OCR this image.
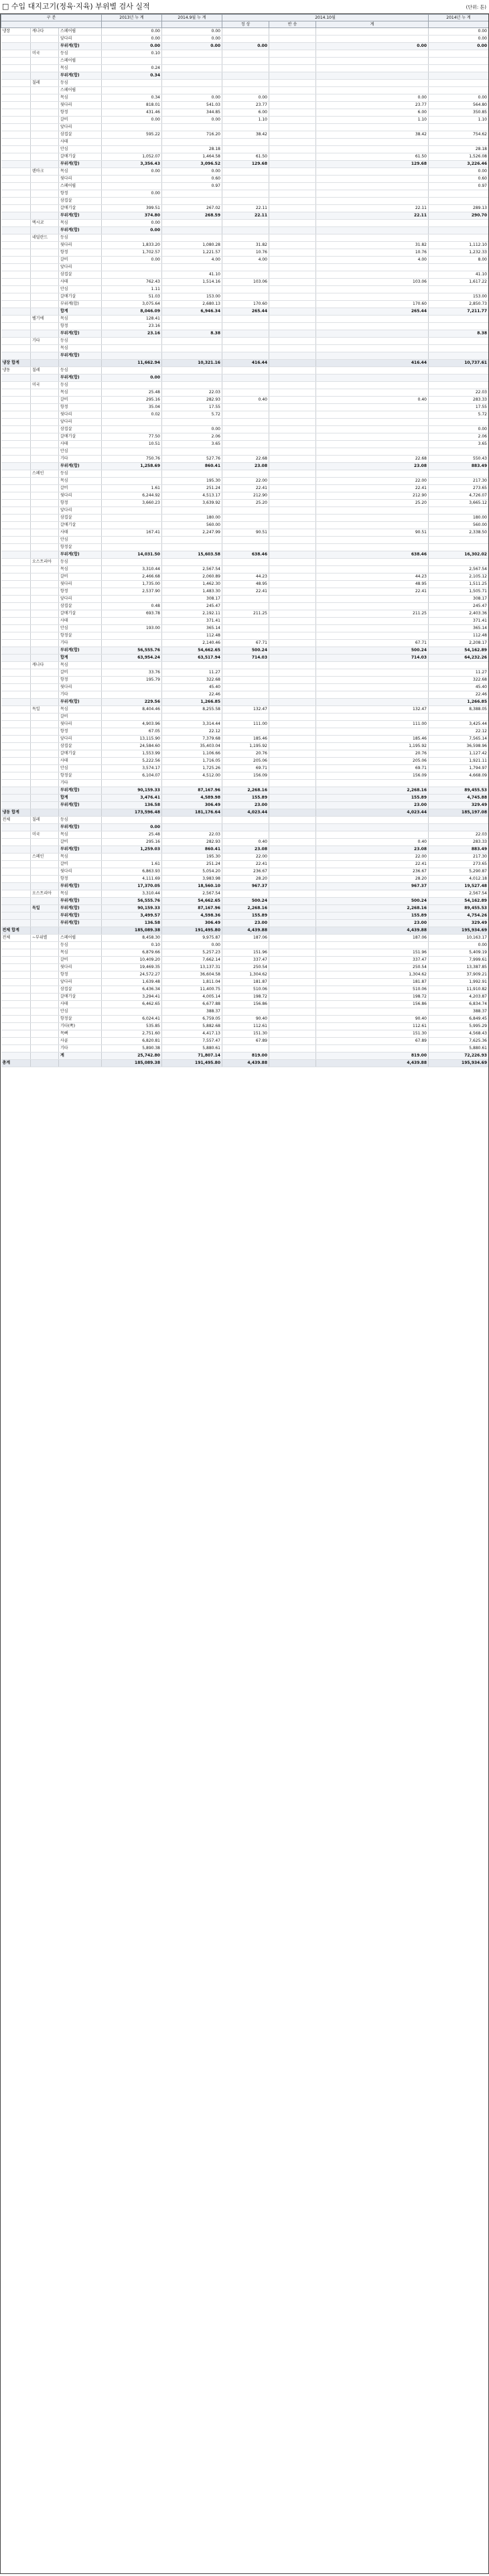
□ 수입 대지고기(정육·지육) 부위별 검사 실적	(단위: 톤)
구 분			2013년 누 계	2014.9월 누 계	2014.10월			2014년 누 계
					정 상	반 송	계	
냉장	캐나다	스페어립	0.00	0.00				0.00
		앞다리	0.00	0.00				0.00
		부위계(합)	0.00	0.00	0.00		0.00	0.00
	미국	등심	0.10					
		스페어립						
		목심	0.24					
		부위계(합)	0.34					
	칠레	등심						
		스페어립						
		목심	0.34	0.00	0.00		0.00	0.00
		뒷다리	818.01	541.03	23.77		23.77	564.80
		항정	431.46	344.85	6.00		6.00	350.85
		갈비	0.00	0.00	1.10		1.10	1.10
		앞다리						
		삼겹살	595.22	716.20	38.42		38.42	754.62
		사태						
		안심		28.18				28.18
		갈매기살	1,052.07	1,464.58	61.50		61.50	1,526.08
		부위계(합)	3,356.43	3,096.52	129.68		129.68	3,226.46
	덴마크	목심	0.00	0.00				0.00
		뒷다리		0.60				0.60
		스페어립		0.97				0.97
		항정	0.00					
		삼겹살						
		갈매기살	399.51	267.02	22.11		22.11	289.13
		부위계(합)	374.80	268.59	22.11		22.11	290.70
	멕시코	목심	0.00					
		부위계(합)	0.00					
	네덜란드	등심						
		뒷다리	1,833.20	1,080.28	31.82		31.82	1,112.10
		항정	1,702.57	1,221.57	10.76		10.76	1,232.33
		갈비	0.00	4.00	4.00		4.00	8.00
		앞다리						
		삼겹살		41.10				41.10
		사태	762.43	1,514.16	103.06		103.06	1,617.22
		안심	1.11					
		갈매기살	51.03	153.00				153.00
		부위계(합)	3,075.64	2,680.13	170.60		170.60	2,850.73
		합계	8,046.09	6,946.34	265.44		265.44	7,211.77
	벨기에	목심	128.41					
		항정	23.16					
		부위계(합)	23.16	8.38				8.38
	기타	등심						
		목심						
		부위계(합)						
냉장 합계			11,662.94	10,321.16	416.44		416.44	10,737.61
냉동	칠레	등심						
		부위계(합)	0.00					
	미국	등심						
		목심	25.48	22.03				22.03
		갈비	295.16	282.93	0.40		0.40	283.33
		항정	35.04	17.55				17.55
		뒷다리	0.02	5.72				5.72
		앞다리						
		삼겹살		0.00				0.00
		갈매기살	77.50	2.06				2.06
		사태	10.51	3.65				3.65
		안심						
		기타	750.76	527.76	22.68		22.68	550.43
		부위계(합)	1,258.69	860.41	23.08		23.08	883.49
	스페인	등심						
		목심		195.30	22.00		22.00	217.30
		갈비	1.61	251.24	22.41		22.41	273.65
		뒷다리	6,244.92	4,513.17	212.90		212.90	4,726.07
		항정	3,660.23	3,639.92	25.20		25.20	3,665.12
		앞다리						
		삼겹살		180.00				180.00
		갈매기살		560.00				560.00
		사태	167.41	2,247.99	90.51		90.51	2,338.50
		안심						
		항정살						
		부위계(합)	14,031.50	15,603.58	638.46		638.46	16,302.02
	오스트리아	등심						
		목심	3,310.44	2,567.54				2,567.54
		갈비	2,466.68	2,060.89	44.23		44.23	2,105.12
		뒷다리	1,735.00	1,462.30	48.95		48.95	1,511.25
		항정	2,537.90	1,483.30	22.41		22.41	1,505.71
		앞다리		308.17				308.17
		삼겹살	0.48	245.47				245.47
		갈매기살	693.78	2,192.11	211.25		211.25	2,403.36
		사태		371.41				371.41
		안심	193.00	365.14				365.14
		항정살		112.48				112.48
		기타		2,140.46	67.71		67.71	2,208.17
		부위계(합)	56,555.76	54,662.65	500.24		500.24	54,162.89
		합계	63,954.24	63,517.94	714.03		714.03	64,232.26
	캐나다	목심						
		갈비	33.76	11.27				11.27
		항정	195.79	322.68				322.68
		뒷다리		45.40				45.40
		기타		22.46				22.46
		부위계(합)	229.56	1,266.85				1,266.85
	독일	목심	8,404.46	8,255.58	132.47		132.47	8,388.05
		갈비						
		뒷다리	4,903.96	3,314.44	111.00		111.00	3,425.44
		항정	67.05	22.12				22.12
		앞다리	13,115.90	7,379.68	185.46		185.46	7,565.14
		삼겹살	24,584.60	35,403.04	1,195.92		1,195.92	36,598.96
		갈매기살	1,553.99	1,106.66	20.76		20.76	1,127.42
		사태	5,222.56	1,716.05	205.06		205.06	1,921.11
		안심	3,574.17	1,725.26	69.71		69.71	1,794.97
		항정살	6,104.07	4,512.00	156.09		156.09	4,668.09
		기타						
		부위계(합)	90,159.33	87,167.96	2,268.16		2,268.16	89,455.53
		합계	3,476.41	4,589.98	155.89		155.89	4,745.88
		부위계(합)	136.58	306.49	23.00		23.00	329.49
냉동 합계			173,596.48	181,176.64	4,023.44		4,023.44	185,197.08
전체	칠레	등심						
		부위계(합)	0.00					
	미국	목심	25.48	22.03				22.03
		갈비	295.16	282.93	0.40		0.40	283.33
		부위계(합)	1,259.03	860.41	23.08		23.08	883.49
	스페인	목심		195.30	22.00		22.00	217.30
		갈비	1.61	251.24	22.41		22.41	273.65
		뒷다리	6,863.93	5,054.20	236.67		236.67	5,290.87
		항정	4,111.69	3,983.98	28.20		28.20	4,012.18
		부위계(합)	17,370.05	18,560.10	967.37		967.37	19,527.48
	오스트리아	목심	3,310.44	2,567.54				2,567.54
		부위계(합)	56,555.76	54,662.65	500.24		500.24	54,162.89
	독일	부위계(합)	90,159.33	87,167.96	2,268.16		2,268.16	89,455.53
		부위계(합)	3,499.57	4,598.36	155.89		155.89	4,754.26
		부위계(합)	136.58	306.49	23.00		23.00	329.49
전체 합계			185,089.38	191,495.80	4,439.88		4,439.88	195,934.69
전체	~부위별	스페어립	8,458.30	9,975.87	187.06		187.06	10,163.17
		등심	0.10	0.00				0.00
		목심	6,879.66	5,257.23	151.96		151.96	5,409.19
		갈비	10,409.20	7,662.14	337.47		337.47	7,999.61
		뒷다리	19,469.35	13,137.31	250.54		250.54	13,387.85
		항정	24,572.27	36,604.58	1,304.62		1,304.62	37,909.21
		앞다리	1,639.48	1,811.04	181.87		181.87	1,992.91
		삼겹살	6,436.34	11,400.75	510.06		510.06	11,910.82
		갈매기살	3,294.41	4,005.14	198.72		198.72	4,203.87
		사태	6,462.65	6,677.88	156.86		156.86	6,834.74
		안심		388.37				388.37
		항정살	6,024.41	6,759.05	90.40		90.40	6,849.45
		기타(쪽)	535.85	5,882.68	112.61		112.61	5,995.29
		목뼈	2,751.60	4,417.13	151.30		151.30	4,568.43
		사골	6,820.81	7,557.47	67.89		67.89	7,625.36
		기타	5,890.38	5,880.61				5,880.61
		계	25,742.80	71,807.14	819.00		819.00	72,226.93
총계			185,089.38	191,495.80	4,439.88		4,439.88	195,934.69
